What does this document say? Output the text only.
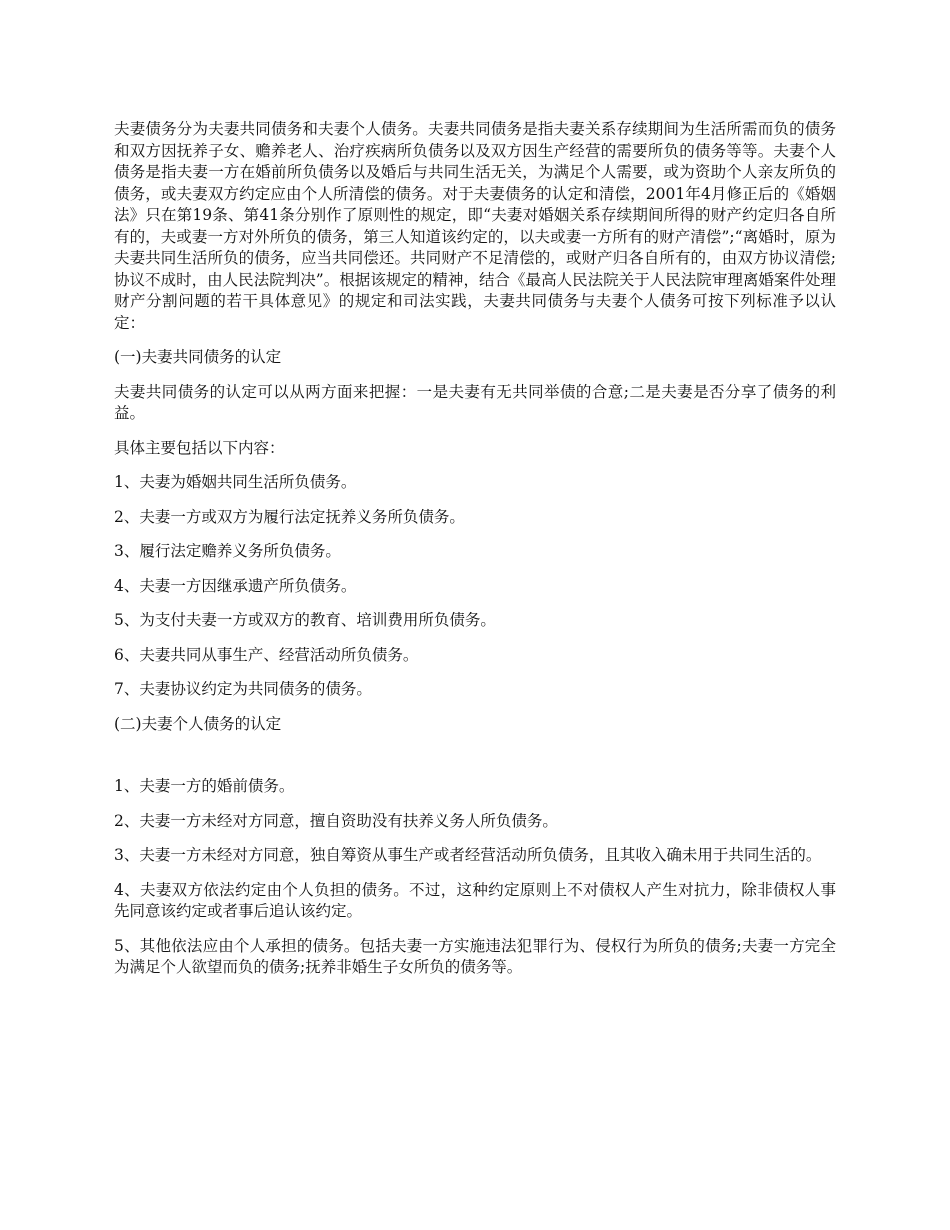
夫妻债务分为夫妻共同债务和夫妻个人债务。夫妻共同债务是指夫妻关系存续期间为生活所需而负的债务和双方因抚养子女、赡养老人、治疗疾病所负债务以及双方因生产经营的需要所负的债务等等。夫妻个人债务是指夫妻一方在婚前所负债务以及婚后与共同生活无关，为满足个人需要，或为资助个人亲友所负的债务，或夫妻双方约定应由个人所清偿的债务。对于夫妻债务的认定和清偿，2001年4月修正后的《婚姻法》只在第19条、第41条分别作了原则性的规定，即“夫妻对婚姻关系存续期间所得的财产约定归各自所有的，夫或妻一方对外所负的债务，第三人知道该约定的，以夫或妻一方所有的财产清偿”;“离婚时，原为夫妻共同生活所负的债务，应当共同偿还。共同财产不足清偿的，或财产归各自所有的，由双方协议清偿;协议不成时，由人民法院判决”。根据该规定的精神，结合《最高人民法院关于人民法院审理离婚案件处理财产分割问题的若干具体意见》的规定和司法实践，夫妻共同债务与夫妻个人债务可按下列标准予以认定：

(一)夫妻共同债务的认定

夫妻共同债务的认定可以从两方面来把握：一是夫妻有无共同举债的合意;二是夫妻是否分享了债务的利益。

具体主要包括以下内容：

1、夫妻为婚姻共同生活所负债务。

2、夫妻一方或双方为履行法定抚养义务所负债务。

3、履行法定赡养义务所负债务。

4、夫妻一方因继承遗产所负债务。

5、为支付夫妻一方或双方的教育、培训费用所负债务。

6、夫妻共同从事生产、经营活动所负债务。

7、夫妻协议约定为共同债务的债务。

(二)夫妻个人债务的认定

1、夫妻一方的婚前债务。

2、夫妻一方未经对方同意，擅自资助没有扶养义务人所负债务。

3、夫妻一方未经对方同意，独自筹资从事生产或者经营活动所负债务，且其收入确未用于共同生活的。

4、夫妻双方依法约定由个人负担的债务。不过，这种约定原则上不对债权人产生对抗力，除非债权人事先同意该约定或者事后追认该约定。

5、其他依法应由个人承担的债务。包括夫妻一方实施违法犯罪行为、侵权行为所负的债务;夫妻一方完全为满足个人欲望而负的债务;抚养非婚生子女所负的债务等。
